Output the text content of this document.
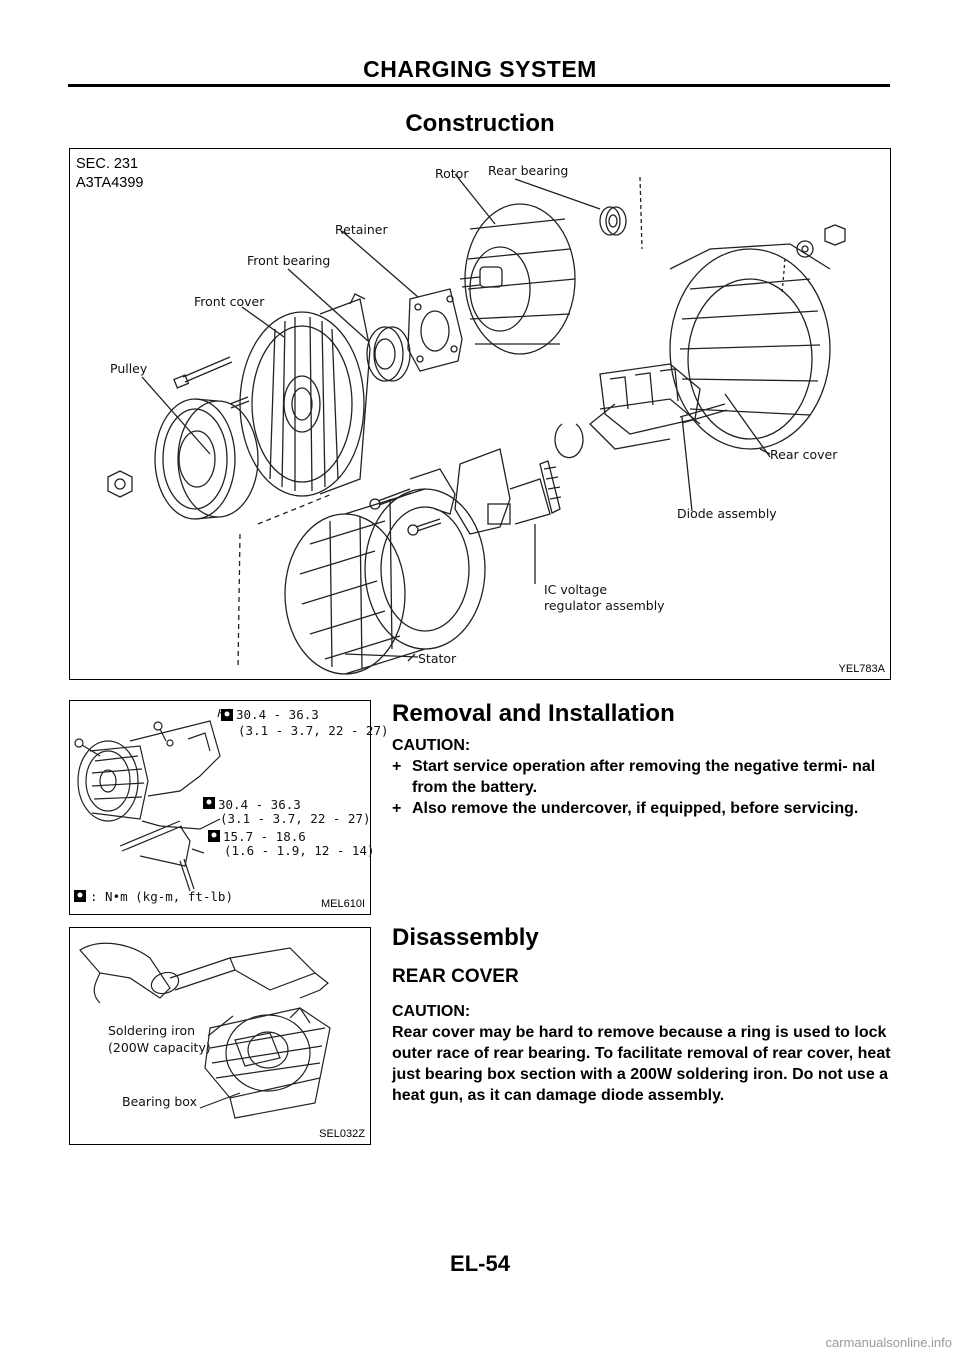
CHARGING SYSTEM
Construction
SEC. 231
A3TA4399
Rotor Rear bearing
Retainer
Front bearing
Front cover
Pulley
Rear cover
Diode assembly
IC voltage
regulator assembly
Stator
YEL783A
30.4 - 36.3
(3.1 - 3.7, 22 - 27)
30.4 - 36.3
(3.1 - 3.7, 22 - 27)
15.7 - 18.6
(1.6 - 1.9, 12 - 14)
: N•m (kg-m, ft-lb)	MEL610I
Removal and Installation
CAUTION:
+ Start service operation after removing the negative termi- nal from the battery.
+ Also remove the undercover, if equipped, before servicing.
Soldering iron
(200W capacity)
Bearing box
SEL032Z
Disassembly
REAR COVER
CAUTION:
Rear cover may be hard to remove because a ring is used to lock outer race of rear bearing. To facilitate removal of rear cover, heat just bearing box section with a 200W soldering iron. Do not use a heat gun, as it can damage diode assembly.
EL-54
carmanualsonline.info
